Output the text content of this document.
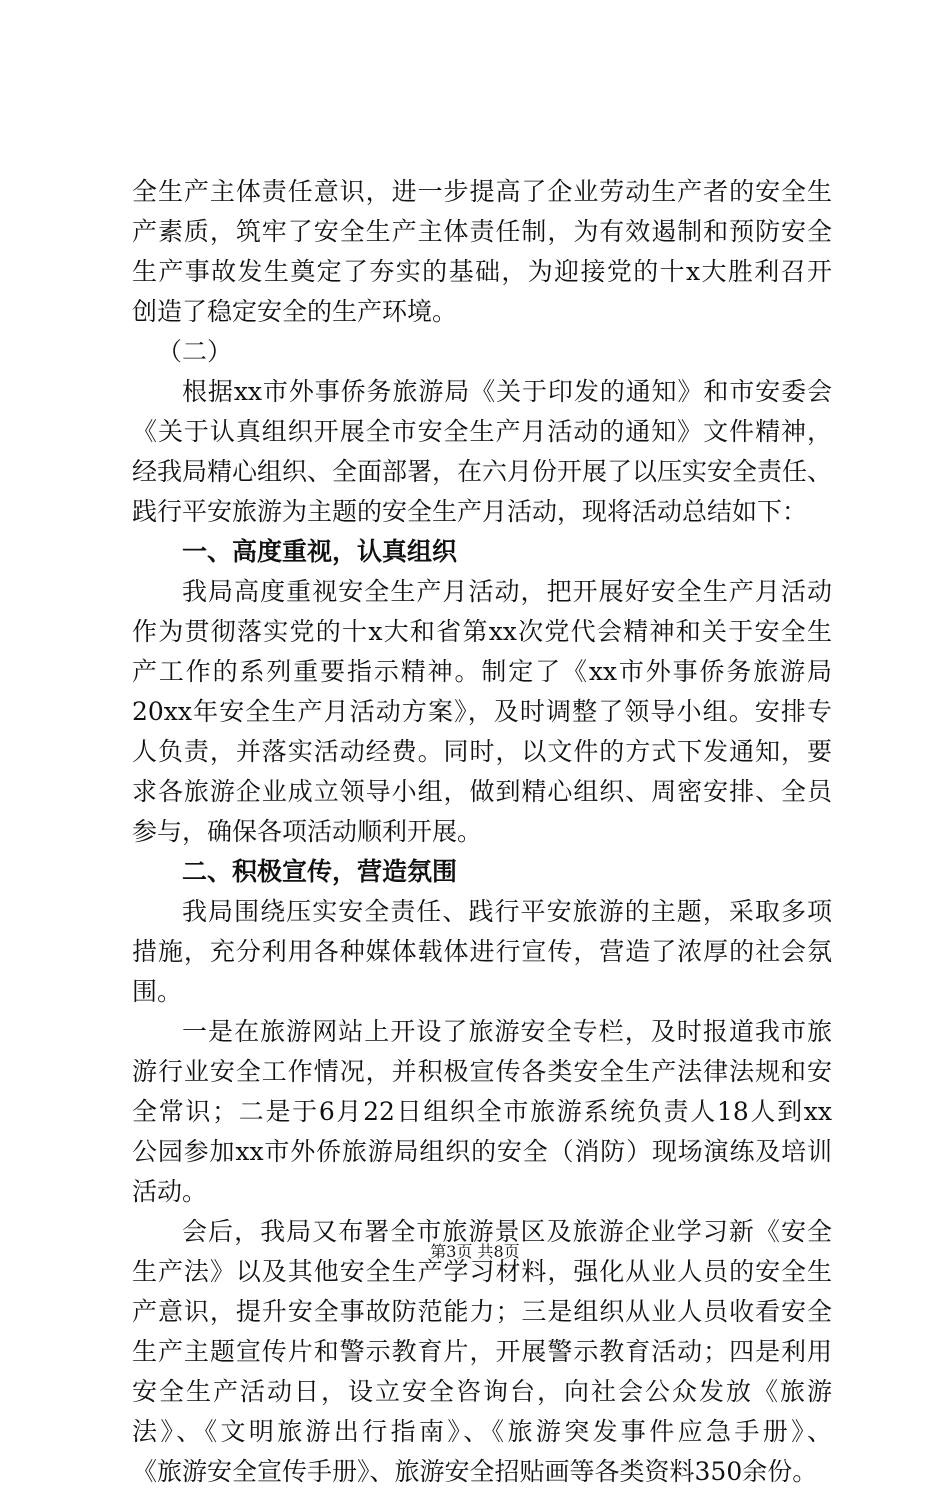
全生产主体责任意识，进一步提高了企业劳动生产者的安全生
产素质，筑牢了安全生产主体责任制，为有效遏制和预防安全
生产事故发生奠定了夯实的基础，为迎接党的十x大胜利召开
创造了稳定安全的生产环境。
（二）
根据xx市外事侨务旅游局《关于印发的通知》和市安委会
《关于认真组织开展全市安全生产月活动的通知》文件精神，
经我局精心组织、全面部署，在六月份开展了以压实安全责任、
践行平安旅游为主题的安全生产月活动，现将活动总结如下：
一、高度重视，认真组织
我局高度重视安全生产月活动，把开展好安全生产月活动
作为贯彻落实党的十x大和省第xx次党代会精神和关于安全生
产工作的系列重要指示精神。制定了《xx市外事侨务旅游局
20xx年安全生产月活动方案》，及时调整了领导小组。安排专
人负责，并落实活动经费。同时，以文件的方式下发通知，要
求各旅游企业成立领导小组，做到精心组织、周密安排、全员
参与，确保各项活动顺利开展。
二、积极宣传，营造氛围
我局围绕压实安全责任、践行平安旅游的主题，采取多项
措施，充分利用各种媒体载体进行宣传，营造了浓厚的社会氛
围。
一是在旅游网站上开设了旅游安全专栏，及时报道我市旅
游行业安全工作情况，并积极宣传各类安全生产法律法规和安
全常识；二是于6月22日组织全市旅游系统负责人18人到xx
公园参加xx市外侨旅游局组织的安全（消防）现场演练及培训
活动。
会后，我局又布署全市旅游景区及旅游企业学习新《安全
生产法》以及其他安全生产学习材料，强化从业人员的安全生
产意识，提升安全事故防范能力；三是组织从业人员收看安全
生产主题宣传片和警示教育片，开展警示教育活动；四是利用
安全生产活动日，设立安全咨询台，向社会公众发放《旅游
法》、《文明旅游出行指南》、《旅游突发事件应急手册》、
《旅游安全宣传手册》、旅游安全招贴画等各类资料350余份。
第3页 共8页
